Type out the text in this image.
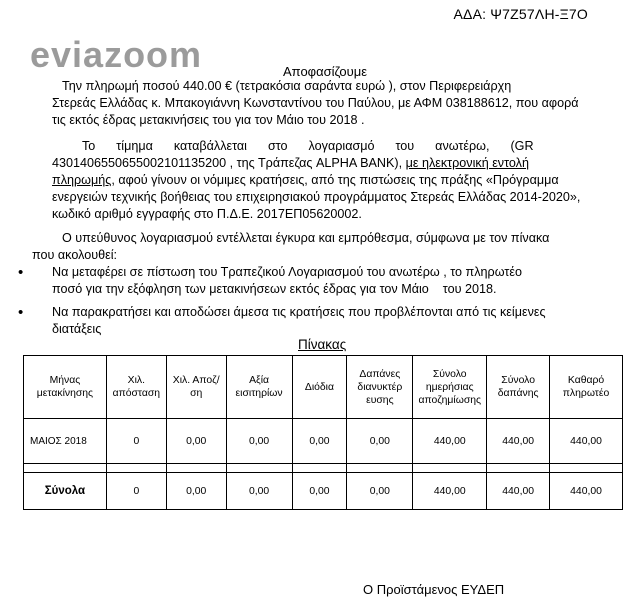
ΑΔΑ: Ψ7Ζ57ΛΗ-Ξ7Ο
eviazoom	Αποφασίζουμε
Την πληρωμή ποσού 440.00 € (τετρακόσια σαράντα ευρώ ), στον Περιφερειάρχη
Στερεάς Ελλάδας κ. Μπακογιάννη Κωνσταντίνου του Παύλου, με ΑΦΜ 038188612, που αφορά
τις εκτός έδρας μετακινήσεις του για τον Μάιο του 2018 .
Το      τίμημα      καταβάλλεται      στο      λογαριασμό      του      ανωτέρω,      (GR
4301406550655002101135200 , της Τράπεζας ALPHA BANK), με ηλεκτρονική εντολή
πληρωμής, αφού γίνουν οι νόμιμες κρατήσεις, από της πιστώσεις της πράξης «Πρόγραμμα
ενεργειών τεχνικής βοήθειας του επιχειρησιακού προγράμματος Στερεάς Ελλάδας 2014-2020»,
κωδικό αριθμό εγγραφής στο Π.Δ.Ε. 2017ΕΠ05620002.
Ο υπεύθυνος λογαριασμού εντέλλεται έγκυρα και εμπρόθεσμα, σύμφωνα με τον πίνακα
που ακολουθεί:
• Να μεταφέρει σε πίστωση του Τραπεζικού Λογαριασμού του ανωτέρω , το πληρωτέο
ποσό για την εξόφληση των μετακινήσεων εκτός έδρας για τον Μάιο    του 2018.
• Να παρακρατήσει και αποδώσει άμεσα τις κρατήσεις που προβλέπονται από τις κείμενες
διατάξεις
Πίνακας
Μήνας μετακίνησης	Χιλ. απόσταση	Χιλ. Αποζ/ση	Αξία εισιτηρίων	Διόδια	Δαπάνες διανυκτέρ ευσης	Σύνολο ημερήσιας αποζημίωσης	Σύνολο δαπάνης	Καθαρό πληρωτέο
ΜΑΙΟΣ 2018	0	0,00	0,00	0,00	0,00	440,00	440,00	440,00

Σύνολα	0	0,00	0,00	0,00	0,00	440,00	440,00	440,00
Ο Προϊστάμενος ΕΥΔΕΠ
